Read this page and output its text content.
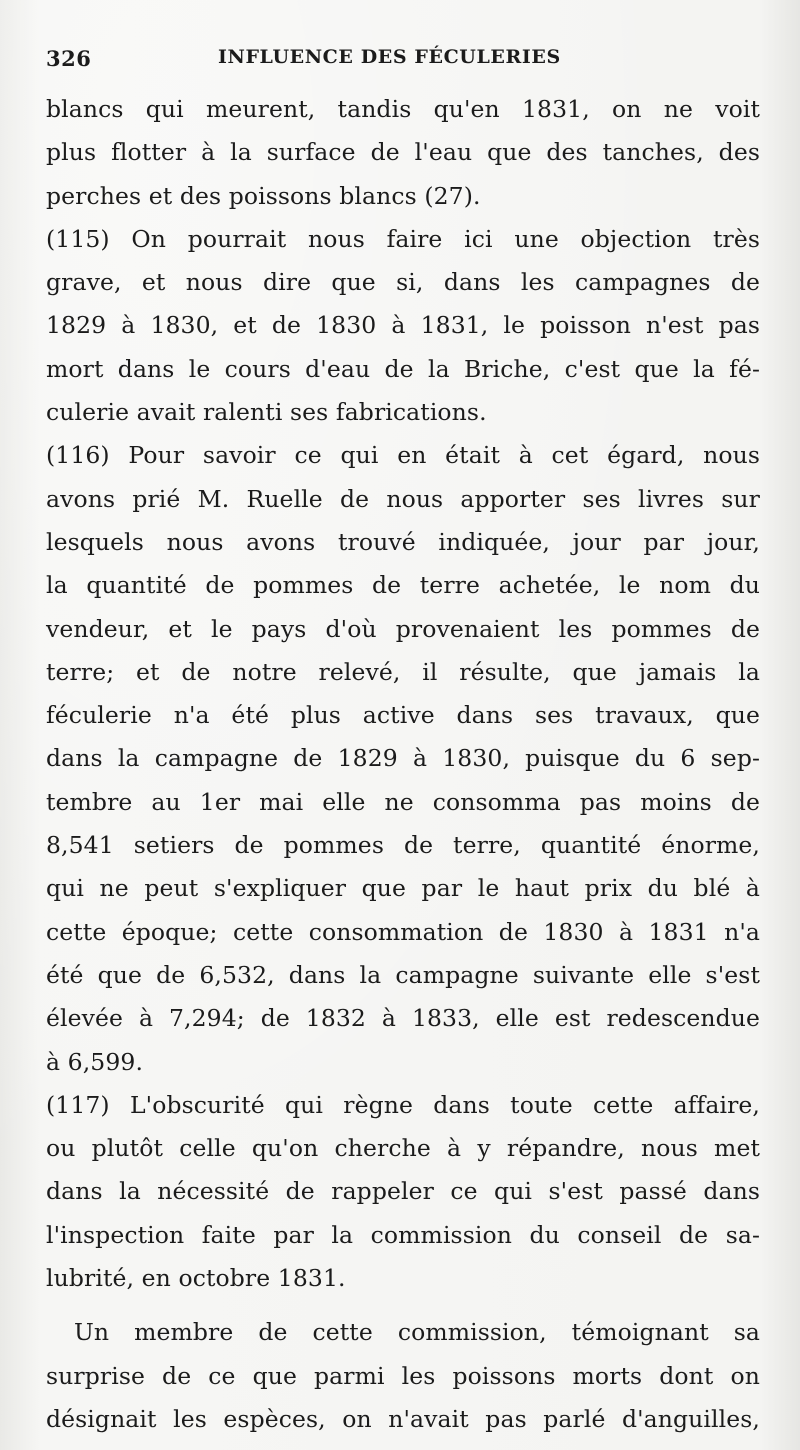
326	INFLUENCE DES FÉCULERIES
blancs qui meurent, tandis qu'en 1831, on ne voit
plus flotter à la surface de l'eau que des tanches, des
perches et des poissons blancs (27).
(115) On pourrait nous faire ici une objection très
grave, et nous dire que si, dans les campagnes de
1829 à 1830, et de 1830 à 1831, le poisson n'est pas
mort dans le cours d'eau de la Briche, c'est que la fé-
culerie avait ralenti ses fabrications.
(116) Pour savoir ce qui en était à cet égard, nous
avons prié M. Ruelle de nous apporter ses livres sur
lesquels nous avons trouvé indiquée, jour par jour,
la quantité de pommes de terre achetée, le nom du
vendeur, et le pays d'où provenaient les pommes de
terre; et de notre relevé, il résulte, que jamais la
féculerie n'a été plus active dans ses travaux, que
dans la campagne de 1829 à 1830, puisque du 6 sep-
tembre au 1er mai elle ne consomma pas moins de
8,541 setiers de pommes de terre, quantité énorme,
qui ne peut s'expliquer que par le haut prix du blé à
cette époque; cette consommation de 1830 à 1831 n'a
été que de 6,532, dans la campagne suivante elle s'est
élevée à 7,294; de 1832 à 1833, elle est redescendue
à 6,599.
(117) L'obscurité qui règne dans toute cette affaire,
ou plutôt celle qu'on cherche à y répandre, nous met
dans la nécessité de rappeler ce qui s'est passé dans
l'inspection faite par la commission du conseil de sa-
lubrité, en octobre 1831.
Un membre de cette commission, témoignant sa
surprise de ce que parmi les poissons morts dont on
désignait les espèces, on n'avait pas parlé d'anguilles,
